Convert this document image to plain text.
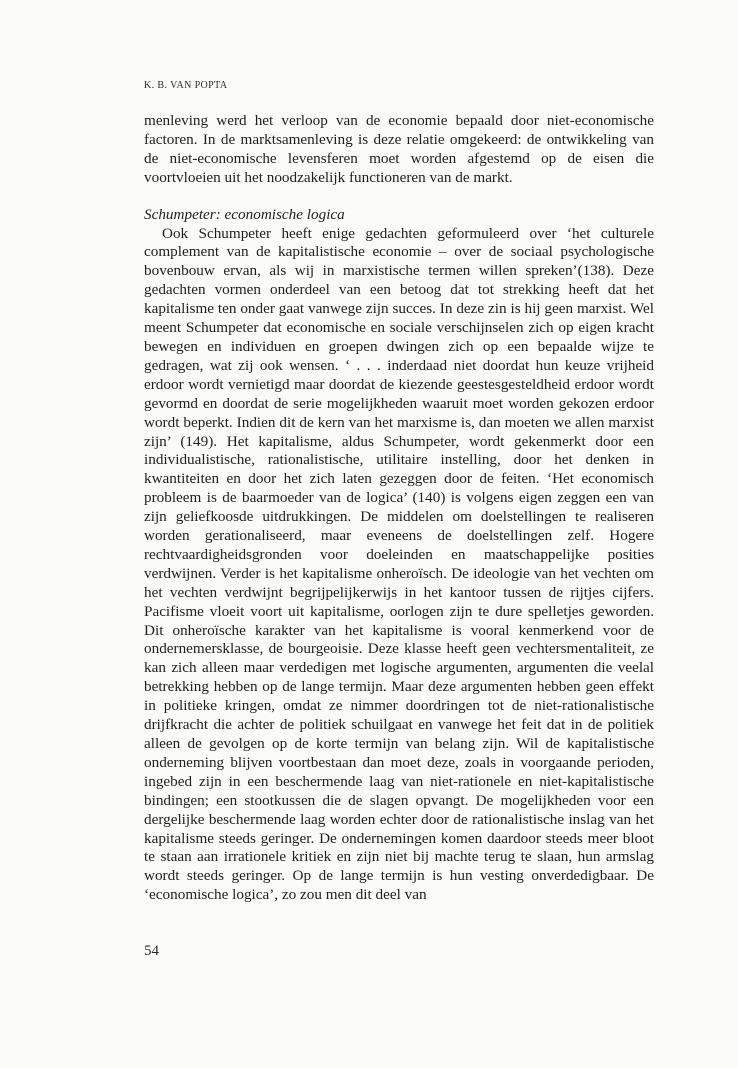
K. B. VAN POPTA

menleving werd het verloop van de economie bepaald door niet-economische factoren. In de marktsamenleving is deze relatie omgekeerd: de ontwikkeling van de niet-economische levensferen moet worden afgestemd op de eisen die voortvloeien uit het noodzakelijk functioneren van de markt.

Schumpeter: economische logica

Ook Schumpeter heeft enige gedachten geformuleerd over ‘het culturele complement van de kapitalistische economie – over de sociaal psychologische bovenbouw ervan, als wij in marxistische termen willen spreken’(138). Deze gedachten vormen onderdeel van een betoog dat tot strekking heeft dat het kapitalisme ten onder gaat vanwege zijn succes. In deze zin is hij geen marxist. Wel meent Schumpeter dat economische en sociale verschijnselen zich op eigen kracht bewegen en individuen en groepen dwingen zich op een bepaalde wijze te gedragen, wat zij ook wensen. ‘ . . . inderdaad niet doordat hun keuze vrijheid erdoor wordt vernietigd maar doordat de kiezende geestesgesteldheid erdoor wordt gevormd en doordat de serie mogelijkheden waaruit moet worden gekozen erdoor wordt beperkt. Indien dit de kern van het marxisme is, dan moeten we allen marxist zijn’ (149). Het kapitalisme, aldus Schumpeter, wordt gekenmerkt door een individualistische, rationalistische, utilitaire instelling, door het denken in kwantiteiten en door het zich laten gezeggen door de feiten. ‘Het economisch probleem is de baarmoeder van de logica’ (140) is volgens eigen zeggen een van zijn geliefkoosde uitdrukkingen. De middelen om doelstellingen te realiseren worden gerationaliseerd, maar eveneens de doelstellingen zelf. Hogere rechtvaardigheidsgronden voor doeleinden en maatschappelijke posities verdwijnen. Verder is het kapitalisme onheroïsch. De ideologie van het vechten om het vechten verdwijnt begrijpelijkerwijs in het kantoor tussen de rijtjes cijfers. Pacifisme vloeit voort uit kapitalisme, oorlogen zijn te dure spelletjes geworden. Dit onheroïsche karakter van het kapitalisme is vooral kenmerkend voor de ondernemersklasse, de bourgeoisie. Deze klasse heeft geen vechtersmentaliteit, ze kan zich alleen maar verdedigen met logische argumenten, argumenten die veelal betrekking hebben op de lange termijn. Maar deze argumenten hebben geen effekt in politieke kringen, omdat ze nimmer doordringen tot de niet-rationalistische drijfkracht die achter de politiek schuilgaat en vanwege het feit dat in de politiek alleen de gevolgen op de korte termijn van belang zijn. Wil de kapitalistische onderneming blijven voortbestaan dan moet deze, zoals in voorgaande perioden, ingebed zijn in een beschermende laag van niet-rationele en niet-kapitalistische bindingen; een stootkussen die de slagen opvangt. De mogelijkheden voor een dergelijke beschermende laag worden echter door de rationalistische inslag van het kapitalisme steeds geringer. De ondernemingen komen daardoor steeds meer bloot te staan aan irrationele kritiek en zijn niet bij machte terug te slaan, hun armslag wordt steeds geringer. Op de lange termijn is hun vesting onverdedigbaar. De ‘economische logica’, zo zou men dit deel van

54
